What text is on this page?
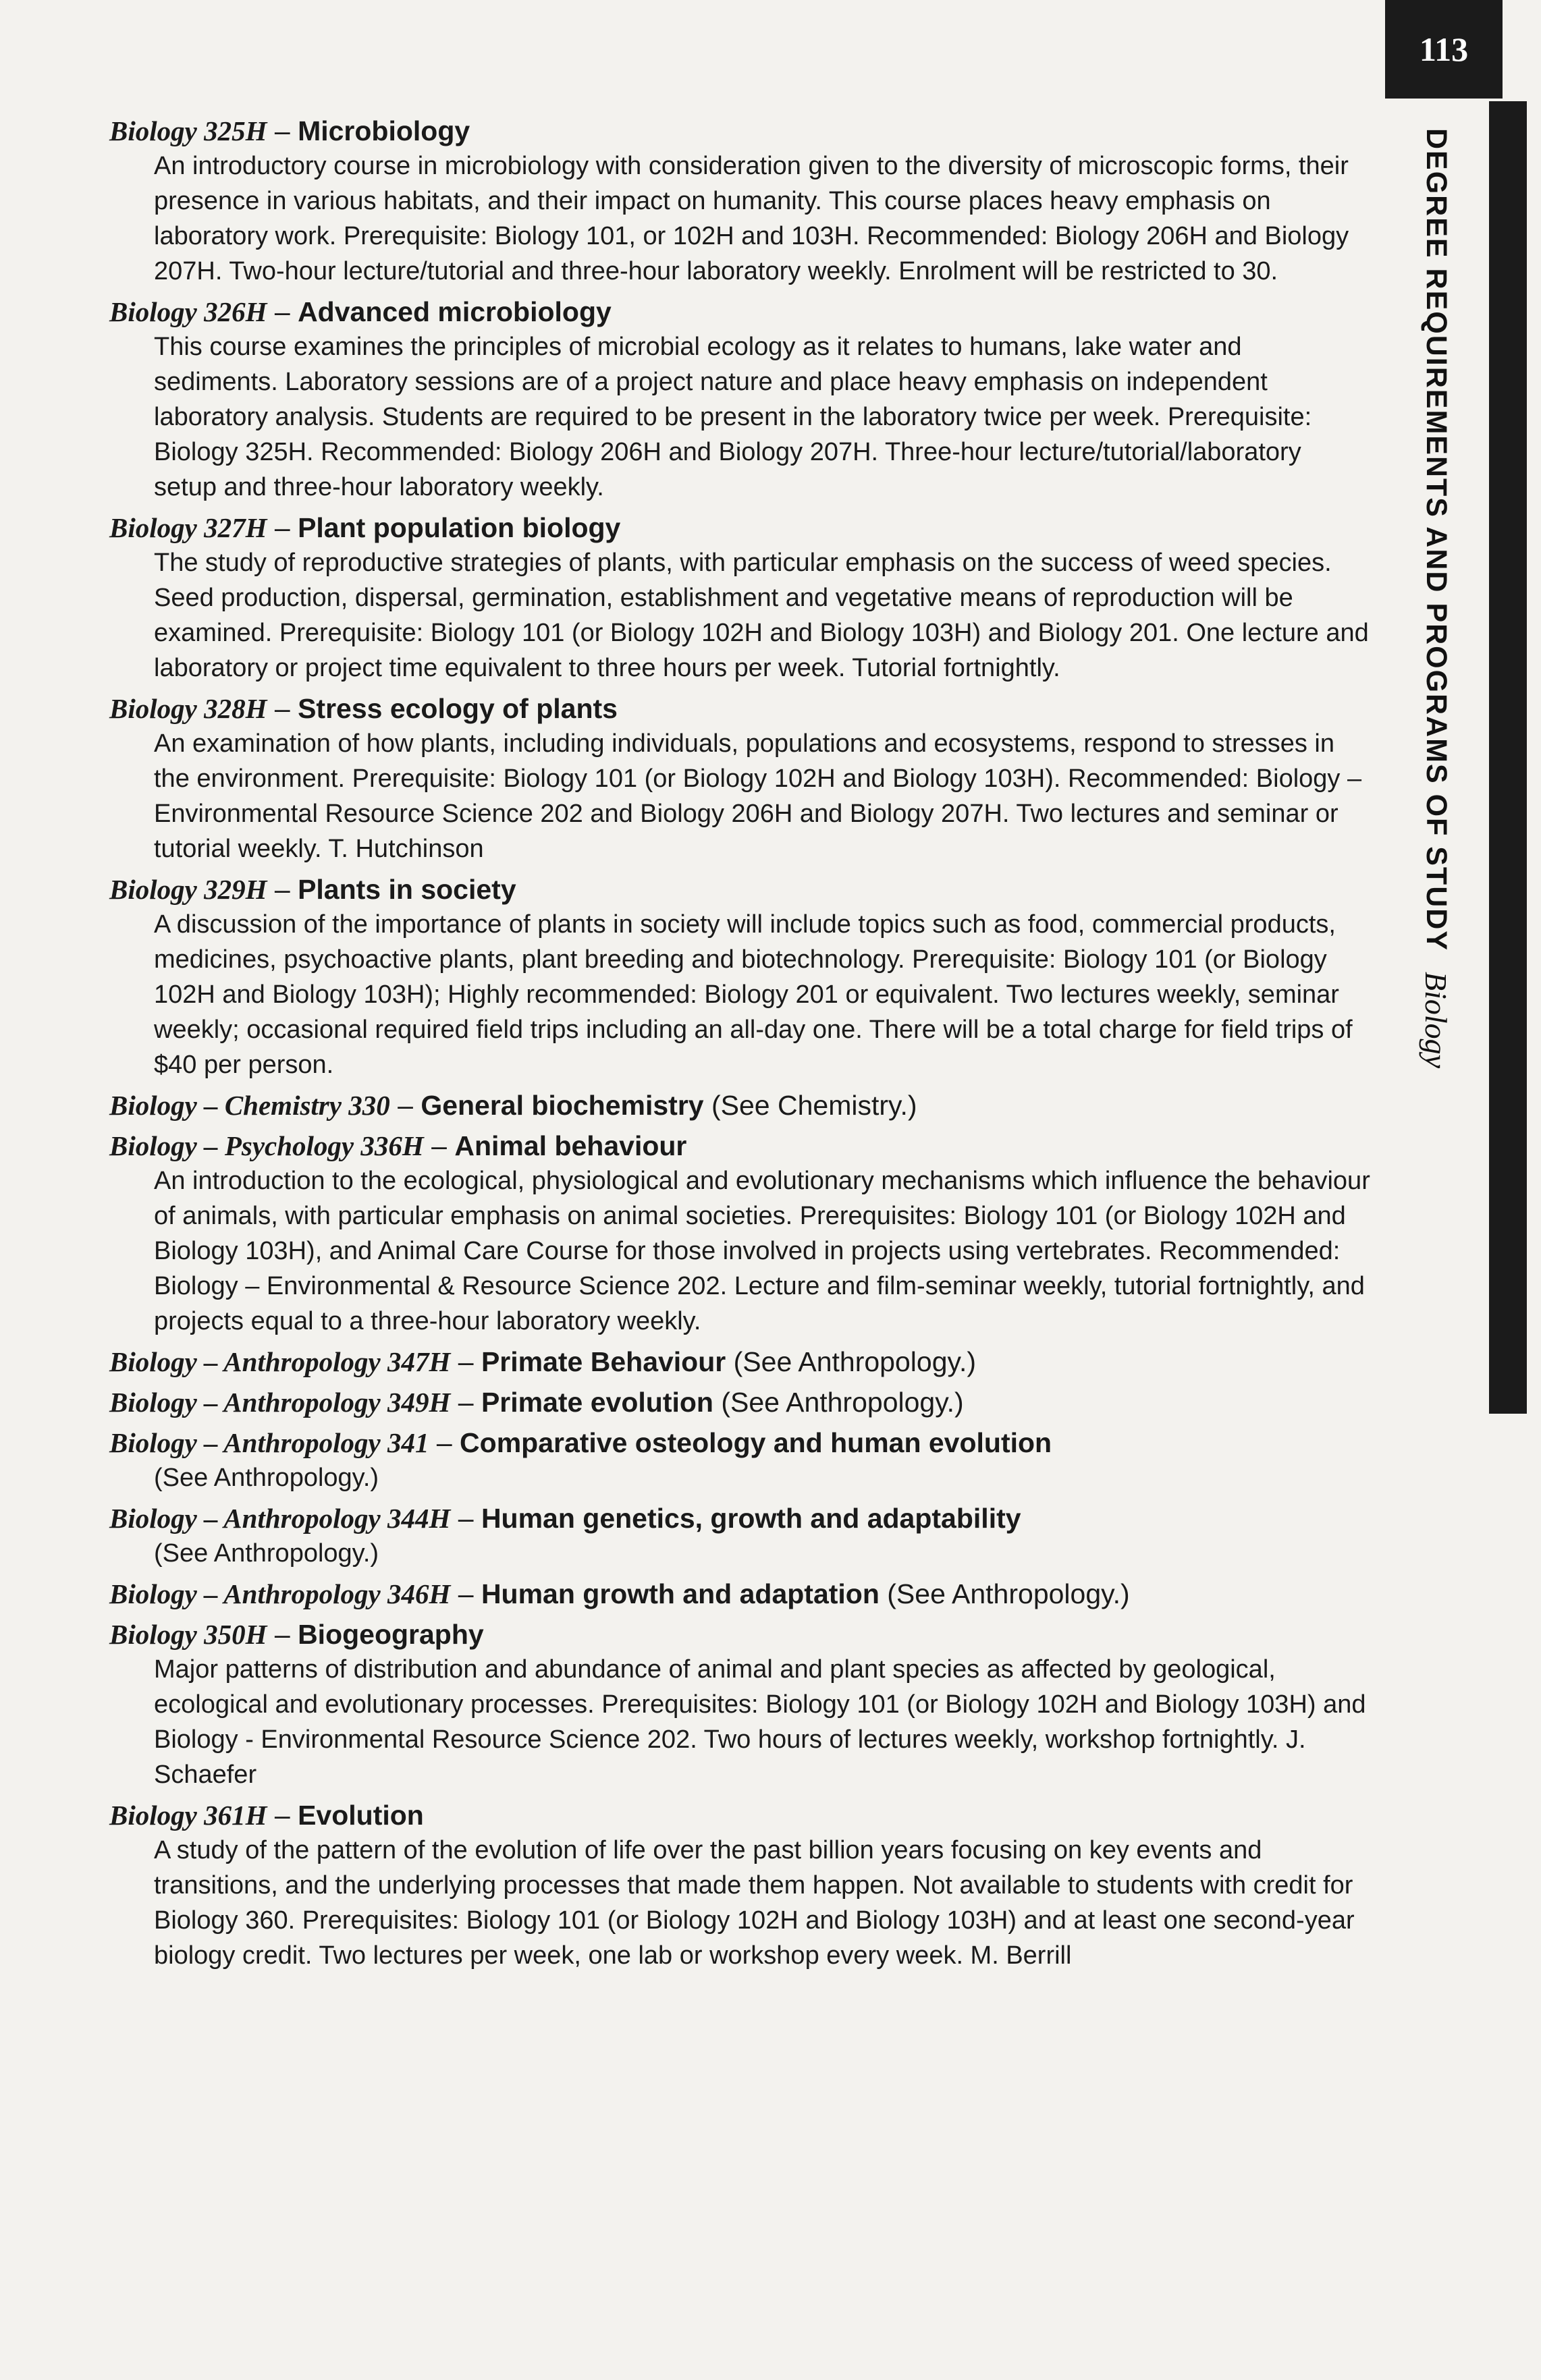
113
DEGREE REQUIREMENTS AND PROGRAMS OF STUDY
Biology

Biology 325H – Microbiology

An introductory course in microbiology with consideration given to the diversity of microscopic forms, their presence in various habitats, and their impact on humanity. This course places heavy emphasis on laboratory work. Prerequisite: Biology 101, or 102H and 103H. Recommended: Biology 206H and Biology 207H. Two-hour lecture/tutorial and three-hour laboratory weekly. Enrolment will be restricted to 30.

Biology 326H – Advanced microbiology

This course examines the principles of microbial ecology as it relates to humans, lake water and sediments. Laboratory sessions are of a project nature and place heavy emphasis on independent laboratory analysis. Students are required to be present in the laboratory twice per week. Prerequisite: Biology 325H. Recommended: Biology 206H and Biology 207H. Three-hour lecture/tutorial/laboratory setup and three-hour laboratory weekly.

Biology 327H – Plant population biology

The study of reproductive strategies of plants, with particular emphasis on the success of weed species. Seed production, dispersal, germination, establishment and vegetative means of reproduction will be examined. Prerequisite: Biology 101 (or Biology 102H and Biology 103H) and Biology 201. One lecture and laboratory or project time equivalent to three hours per week. Tutorial fortnightly.

Biology 328H – Stress ecology of plants

An examination of how plants, including individuals, populations and ecosystems, respond to stresses in the environment. Prerequisite: Biology 101 (or Biology 102H and Biology 103H). Recommended: Biology – Environmental Resource Science 202 and Biology 206H and Biology 207H. Two lectures and seminar or tutorial weekly. T. Hutchinson

Biology 329H – Plants in society

A discussion of the importance of plants in society will include topics such as food, commercial products, medicines, psychoactive plants, plant breeding and biotechnology. Prerequisite: Biology 101 (or Biology 102H and Biology 103H); Highly recommended: Biology 201 or equivalent. Two lectures weekly, seminar weekly; occasional required field trips including an all-day one. There will be a total charge for field trips of $40 per person.

Biology – Chemistry 330 – General biochemistry (See Chemistry.)

Biology – Psychology 336H – Animal behaviour

An introduction to the ecological, physiological and evolutionary mechanisms which influence the behaviour of animals, with particular emphasis on animal societies. Prerequisites: Biology 101 (or Biology 102H and Biology 103H), and Animal Care Course for those involved in projects using vertebrates. Recommended: Biology – Environmental & Resource Science 202. Lecture and film-seminar weekly, tutorial fortnightly, and projects equal to a three-hour laboratory weekly.

Biology – Anthropology 347H – Primate Behaviour (See Anthropology.)

Biology – Anthropology 349H – Primate evolution (See Anthropology.)

Biology – Anthropology 341 – Comparative osteology and human evolution

(See Anthropology.)

Biology – Anthropology 344H – Human genetics, growth and adaptability

(See Anthropology.)

Biology – Anthropology 346H – Human growth and adaptation (See Anthropology.)

Biology 350H – Biogeography

Major patterns of distribution and abundance of animal and plant species as affected by geological, ecological and evolutionary processes. Prerequisites: Biology 101 (or Biology 102H and Biology 103H) and Biology - Environmental Resource Science 202. Two hours of lectures weekly, workshop fortnightly. J. Schaefer

Biology 361H – Evolution

A study of the pattern of the evolution of life over the past billion years focusing on key events and transitions, and the underlying processes that made them happen. Not available to students with credit for Biology 360. Prerequisites: Biology 101 (or Biology 102H and Biology 103H) and at least one second-year biology credit. Two lectures per week, one lab or workshop every week. M. Berrill
